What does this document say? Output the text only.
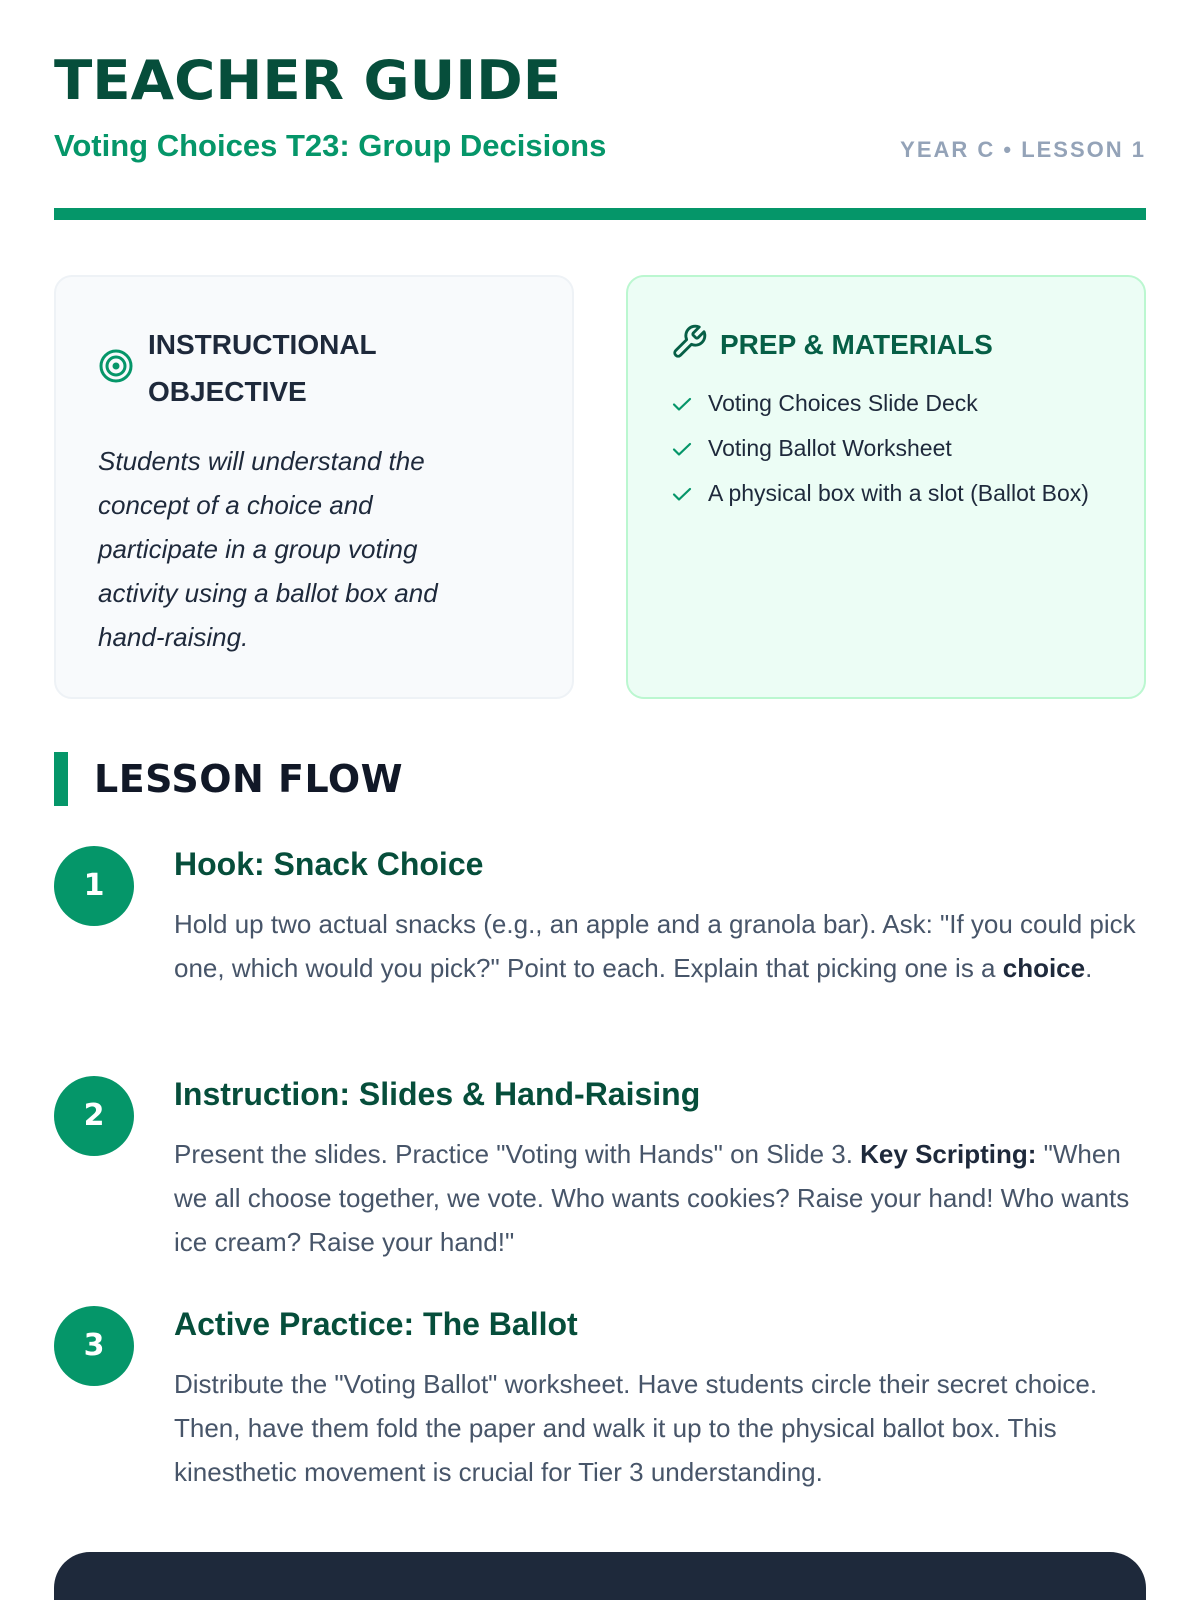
TEACHER GUIDE
Voting Choices T23: Group Decisions	YEAR C • LESSON 1
INSTRUCTIONAL OBJECTIVE

Students will understand the concept of a choice and participate in a group voting activity using a ballot box and hand-raising.

PREP & MATERIALS
Voting Choices Slide Deck
Voting Ballot Worksheet
A physical box with a slot (Ballot Box)
LESSON FLOW
1
Hook: Snack Choice

Hold up two actual snacks (e.g., an apple and a granola bar). Ask: "If you could pick one, which would you pick?" Point to each. Explain that picking one is a choice.

2
Instruction: Slides & Hand-Raising

Present the slides. Practice "Voting with Hands" on Slide 3. Key Scripting: "When we all choose together, we vote. Who wants cookies? Raise your hand! Who wants ice cream? Raise your hand!"

3
Active Practice: The Ballot

Distribute the "Voting Ballot" worksheet. Have students circle their secret choice. Then, have them fold the paper and walk it up to the physical ballot box. This kinesthetic movement is crucial for Tier 3 understanding.
